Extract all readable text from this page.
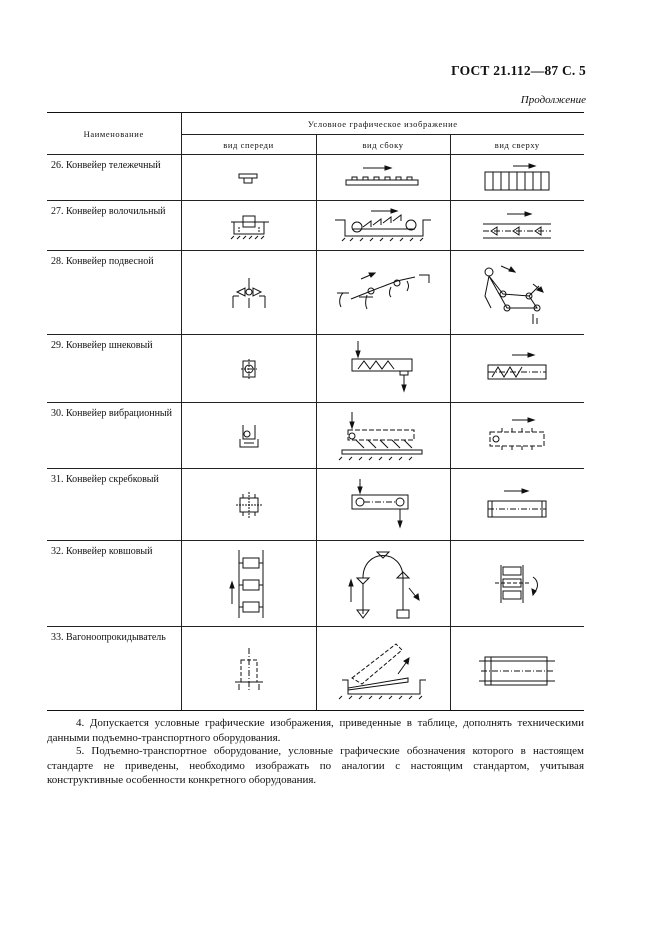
ГОСТ 21.112—87 С. 5
Продолжение
Наименование	Условное графическое изображение		
	вид спереди	вид сбоку	вид сверху
26. Конвейер тележечный	

27. Конвейер волочильный	

28. Конвейер подвесной	

29. Конвейер шнековый	

30. Конвейер вибрационный	

31. Конвейер скребковый	

32. Конвейер ковшовый	

33. Вагоноопрокидыватель	

4. Допускается условные графические изображения, приведенные в таблице, дополнять техническими данными подъемно-транспортного оборудования.
5. Подъемно-транспортное оборудование, условные графические обозначения которого в настоящем стандарте не приведены, необходимо изображать по аналогии с настоящим стандартом, учитывая конструктивные особенности конкретного оборудования.
